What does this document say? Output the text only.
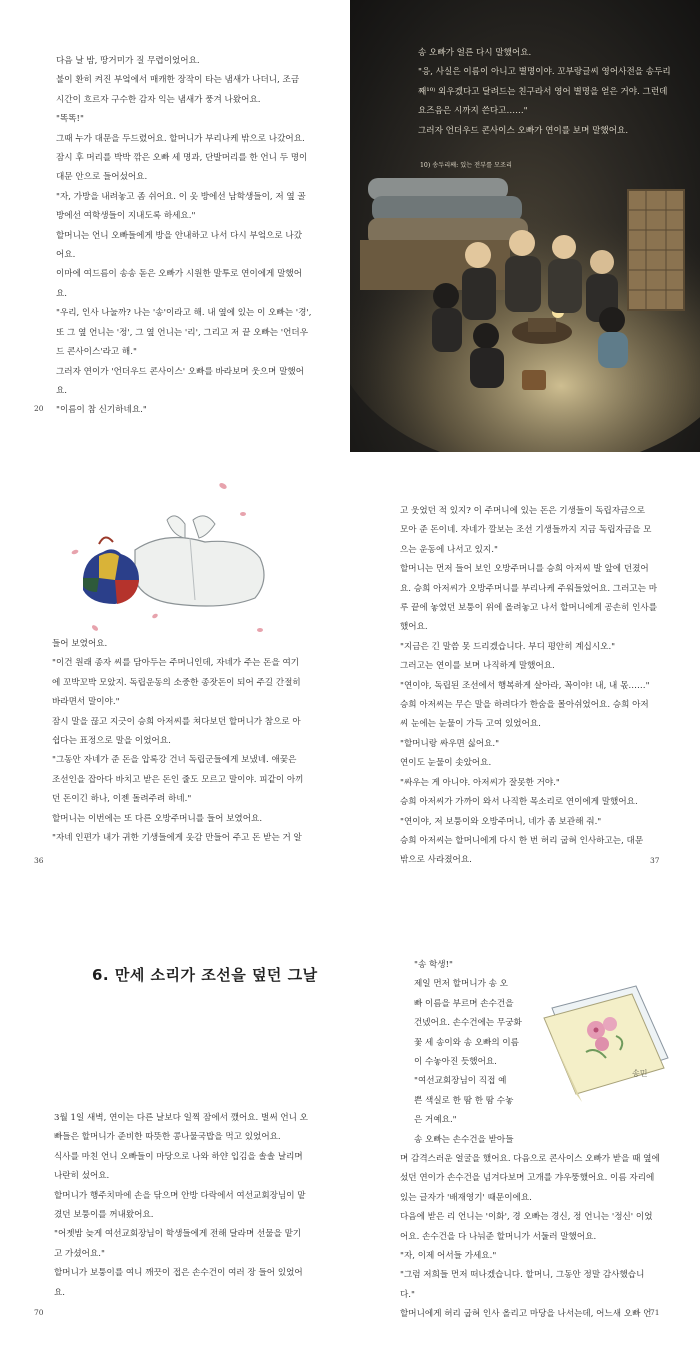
다음 날 밤, 땅거미가 질 무렵이었어요.

불이 환히 켜진 부엌에서 매캐한 장작이 타는 냄새가 나더니, 조금

시간이 흐르자 구수한 감자 익는 냄새가 풍겨 나왔어요.

"똑똑!"

그때 누가 대문을 두드렸어요. 할머니가 부리나케 밖으로 나갔어요.

잠시 후 머리를 박박 깎은 오빠 세 명과, 단발머리를 한 언니 두 명이

대문 안으로 들어섰어요.

"자, 가방을 내려놓고 좀 쉬어요. 이 옷 방에선 남학생들이, 저 옆 골

방에선 여학생들이 지내도록 하세요."

할머니는 언니 오빠들에게 방을 안내하고 나서 다시 부엌으로 나갔

어요.

이마에 여드름이 송송 돋은 오빠가 시원한 말투로 연이에게 말했어

요.

"우리, 인사 나눌까? 나는 '송'이라고 해. 내 옆에 있는 이 오빠는 '경',

또 그 옆 언니는 '정', 그 옆 언니는 '리', 그리고 저 끝 오빠는 '언더우

드 콘사이스'라고 해."

그러자 연이가 '언더우드 콘사이스' 오빠를 바라보며 웃으며 말했어

요.

"이름이 참 신기하네요."

20

송 오빠가 얼른 다시 말했어요.

"응, 사실은 이름이 아니고 별명이야. 꼬부랑글씨 영어사전을 송두리

째¹⁰⁾ 외우겠다고 달려드는 친구라서 영어 별명을 얻은 거야. 그런데

요즈음은 시까지 쓴다고……"

그러자 언더우드 콘사이스 오빠가 연이를 보며 말했어요.

10) 송두리째: 있는 전부를 모조리

들어 보였어요.

"이건 원래 종자 씨를 담아두는 주머니인데, 자네가 주는 돈을 여기

에 꼬박꼬박 모았지. 독립운동의 소중한 종잣돈이 되어 주길 간절히

바라면서 말이야."

잠시 말을 끊고 지긋이 승희 아저씨를 쳐다보던 할머니가 참으로 아

쉽다는 표정으로 말을 이었어요.

"그동안 자네가 준 돈을 압록강 건너 독립군들에게 보냈네. 애꿎은

조선인을 잡아다 바치고 받은 돈인 줄도 모르고 말이야. 피같이 아끼

던 돈이긴 하나, 이젠 돌려주려 하네."

할머니는 이번에는 또 다른 오방주머니를 들어 보였어요.

"자네 인편가 내가 귀한 기생들에게 옷감 만들어 주고 돈 받는 거 알

36

고 웃었던 적 있지? 이 주머니에 있는 돈은 기생들이 독립자금으로

모아 준 돈이네. 자네가 깔보는 조선 기생들까지 지금 독립자금을 모

으는 운동에 나서고 있지."

할머니는 먼저 들어 보인 오방주머니를 승희 아저씨 발 앞에 던졌어

요. 승희 아저씨가 오방주머니를 부리나케 주워들었어요. 그러고는 마

루 끝에 놓였던 보퉁이 위에 올려놓고 나서 할머니에게 공손히 인사를

했어요.

"지금은 긴 말씀 못 드리겠습니다. 부디 평안히 계십시오."

그러고는 연이를 보며 나직하게 말했어요.

"연이야, 독립된 조선에서 행복하게 살아라, 꼭이야! 내, 내 몫……"

승희 아저씨는 무슨 말을 하려다가 한숨을 몰아쉬었어요. 승희 아저

씨 눈에는 눈물이 가득 고여 있었어요.

"할머니랑 싸우면 싫어요."

연이도 눈물이 솟았어요.

"싸우는 게 아니야. 아저씨가 잘못한 거야."

승희 아저씨가 가까이 와서 나직한 목소리로 연이에게 말했어요.

"연이야, 저 보퉁이와 오방주머니, 네가 좀 보관해 줘."

승희 아저씨는 할머니에게 다시 한 번 허리 굽혀 인사하고는, 대문

밖으로 사라졌어요.	37
6. 만세 소리가 조선을 덮던 그날

3월 1일 새벽, 연이는 다른 날보다 일찍 잠에서 깼어요. 벌써 언니 오

빠들은 할머니가 준비한 따뜻한 콩나물국밥을 먹고 있었어요.

식사를 마친 언니 오빠들이 마당으로 나와 하얀 입김을 솔솔 날리며

나란히 섰어요.

할머니가 행주치마에 손을 닦으며 안방 다락에서 여선교회장님이 맡

겼던 보퉁이를 꺼내왔어요.

"어젯밤 늦게 여선교회장님이 학생들에게 전해 달라며 선물을 맡기

고 가셨어요."

할머니가 보퉁이를 여니 깨끗이 접은 손수건이 여러 장 들어 있었어

요.

70

"송 학생!"

제일 먼저 할머니가 송 오

빠 이름을 부르며 손수건을

건넸어요. 손수건에는 무궁화

꽃 세 송이와 송 오빠의 이름

이 수놓아진 듯했어요.

"여선교회장님이 직접 예

쁜 색실로 한 땀 한 땀 수놓

은 거예요."

송 오빠는 손수건을 받아들

송민

며 감격스러운 얼굴을 했어요. 다음으로 콘사이스 오빠가 받을 때 옆에

섰던 연이가 손수건을 넘겨다보며 고개를 갸우뚱했어요. 이름 자리에

있는 글자가 '배재영기' 때문이에요.

다음에 받은 리 언니는 '이화', 경 오빠는 경신, 정 언니는 '정신' 이었

어요. 손수건을 다 나눠준 할머니가 서둘러 말했어요.

"자, 이제 어서들 가세요."

"그럼 저희들 먼저 떠나겠습니다. 할머니, 그동안 정말 감사했습니

다."

할머니에게 허리 굽혀 인사 올리고 마당을 나서는데, 어느새 오빠 언

71
